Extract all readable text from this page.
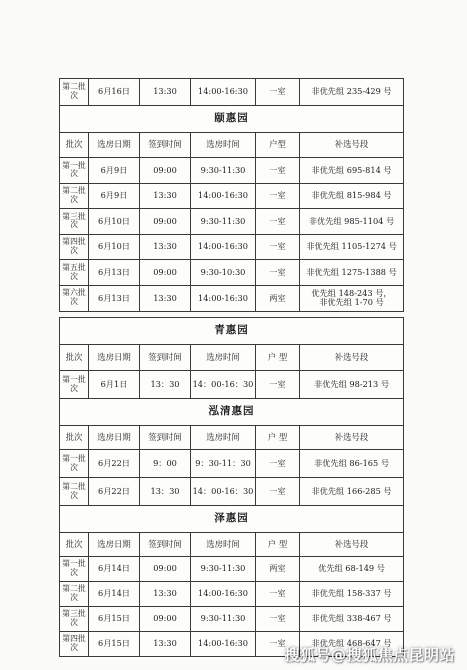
第二批次	6月16日	13:30	14:00-16:30	一室	非优先组 235-429 号
颐惠园					
批次	选房日期	签到时间	选房时间	户型	补选号段
第一批次	6月9日	09:00	9:30-11:30	一室	非优先组 695-814 号
第二批次	6月9日	13:30	14:00-16:30	一室	非优先组 815-984 号
第三批次	6月10日	09:00	9:30-11:30	一室	非优先组 985-1104 号
第四批次	6月10日	13:30	14:00-16:30	一室	非优先组 1105-1274 号
第五批次	6月13日	09:00	9:30-10:30	一室	非优先组 1275-1388 号
第六批次	6月13日	13:30	14:00-16:30	两室	优先组 148-243 号，
非优先组 1-70 号
青惠园					
批次	选房日期	签到时间	选房时间	户 型	补选号段
第一批次	6月1日	13：30	14：00-16：30	一室	非优先组 98-213 号
泓清惠园					
批次	选房日期	签到时间	选房时间	户 型	补选号段
第一批次	6月22日	9：00	9：30-11：30	一室	非优先组 86-165 号
第二批次	6月22日	13：30	14：00-16：30	一室	非优先组 166-285 号
泽惠园					
批次	选房日期	签到时间	选房时间	户 型	补选号段
第一批次	6月14日	09:00	9:30-11:30	两室	优先组 68-149 号
第二批次	6月14日	13:30	14:00-16:30	一室	非优先组 158-337 号
第三批次	6月15日	09:00	9:30-11:30	一室	非优先组 338-467 号
第四批次	6月15日	13:30	14:00-16:30	一室	非优先组 468-647 号
搜狐号@搜狐焦点昆明站
